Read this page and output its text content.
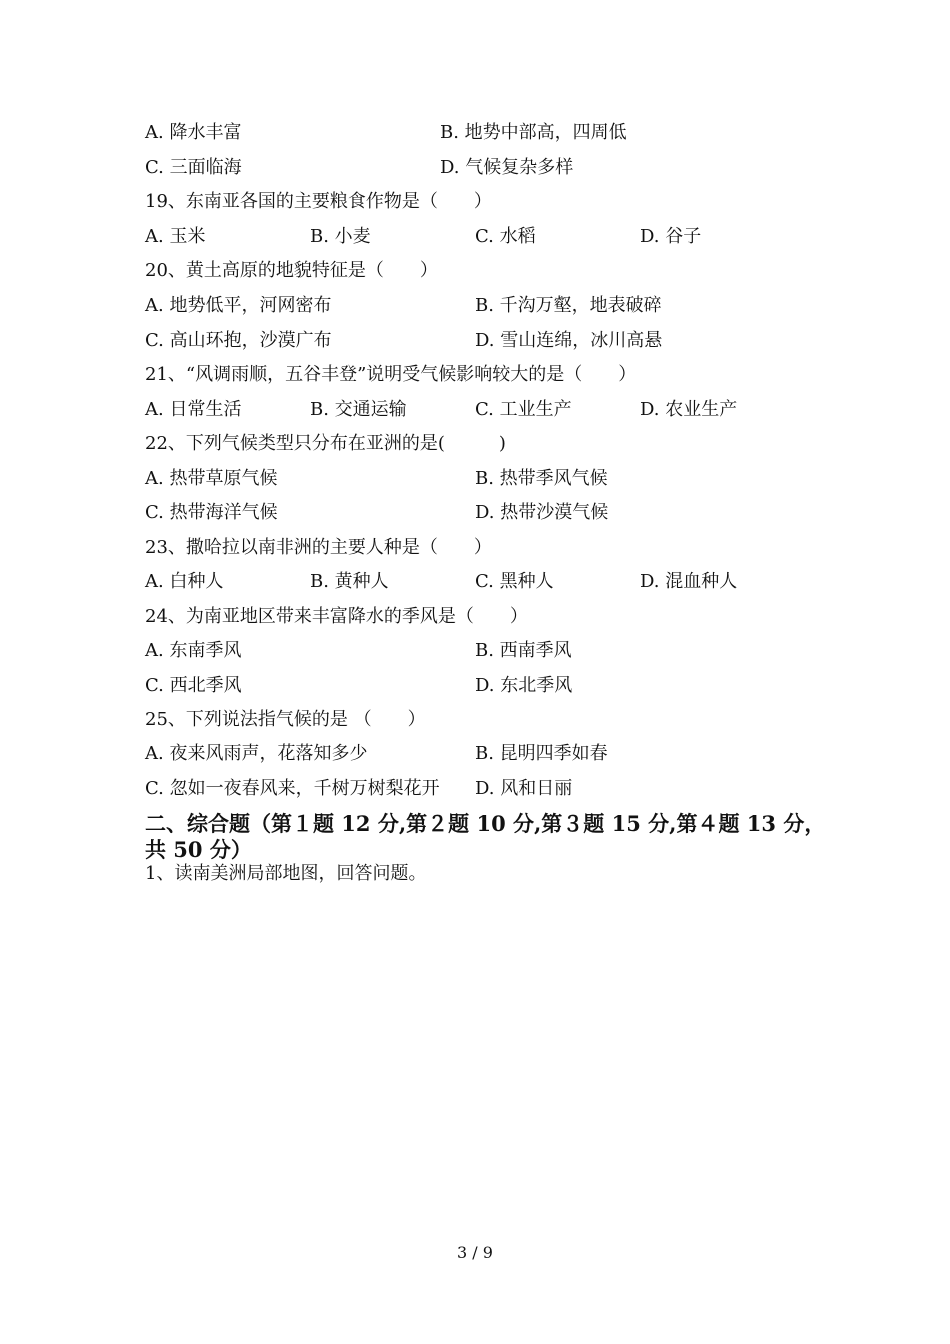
A. 降水丰富	B. 地势中部高，四周低
C. 三面临海	D. 气候复杂多样
19、东南亚各国的主要粮食作物是（　　）
A. 玉米	B. 小麦	C. 水稻	D. 谷子
20、黄土高原的地貌特征是（　　）
A. 地势低平，河网密布	B. 千沟万壑，地表破碎
C. 高山环抱，沙漠广布	D. 雪山连绵，冰川高悬
21、“风调雨顺，五谷丰登”说明受气候影响较大的是（　　）
A. 日常生活	B. 交通运输	C. 工业生产	D. 农业生产
22、下列气候类型只分布在亚洲的是(　　　)
A. 热带草原气候	B. 热带季风气候
C. 热带海洋气候	D. 热带沙漠气候
23、撒哈拉以南非洲的主要人种是（　　）
A. 白种人	B. 黄种人	C. 黑种人	D. 混血种人
24、为南亚地区带来丰富降水的季风是（　　）
A. 东南季风	B. 西南季风
C. 西北季风	D. 东北季风
25、下列说法指气候的是 （　　）
A. 夜来风雨声，花落知多少	B. 昆明四季如春
C. 忽如一夜春风来，千树万树梨花开 D. 风和日丽
二、综合题（第１题 12 分,第２题 10 分,第３题 15 分,第４题 13 分，
共 50 分）
1、读南美洲局部地图，回答问题。
3 / 9
